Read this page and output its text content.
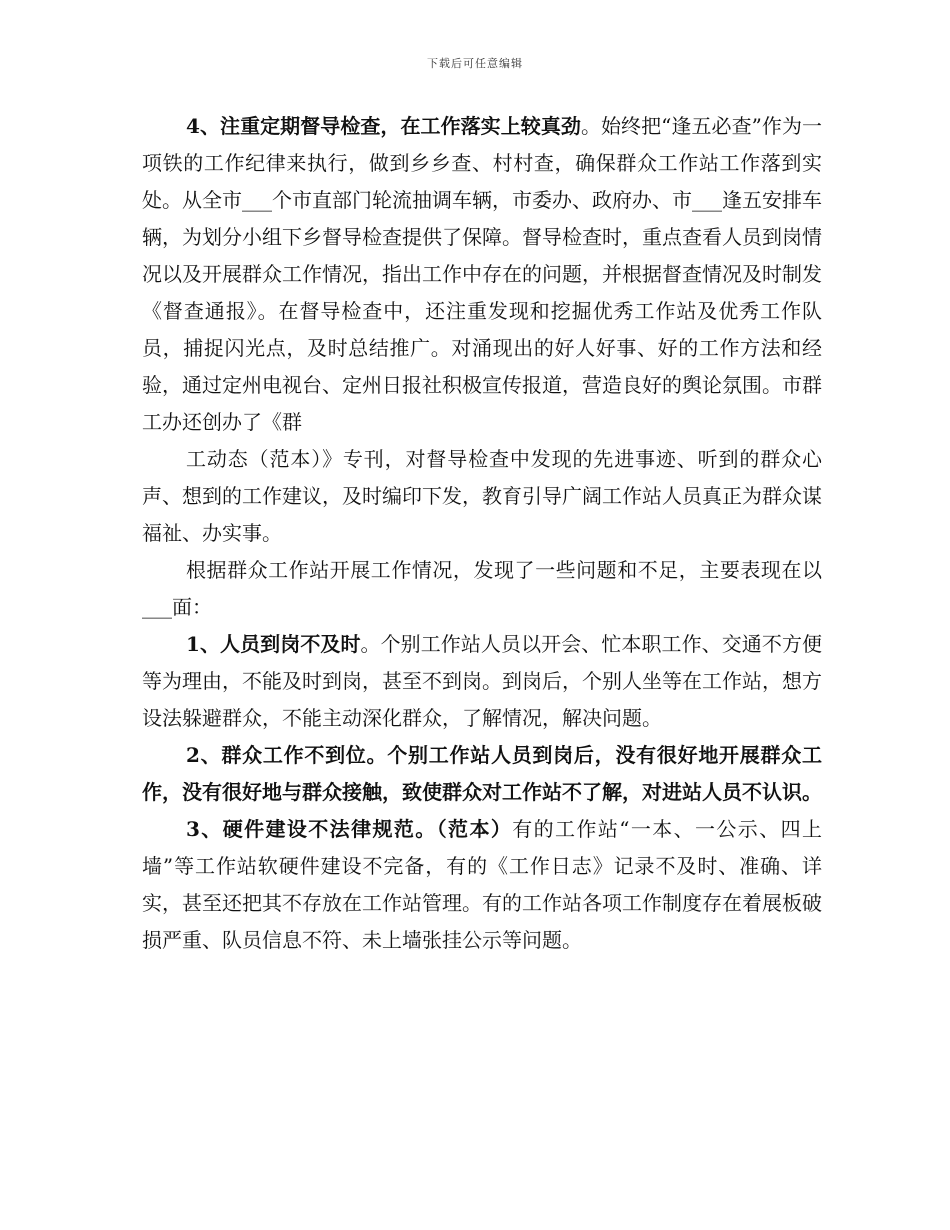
下载后可任意编辑

4、注重定期督导检查，在工作落实上较真劲。始终把“逢五必查”作为一项铁的工作纪律来执行，做到乡乡查、村村查，确保群众工作站工作落到实处。从全市___个市直部门轮流抽调车辆，市委办、政府办、市___逢五安排车辆，为划分小组下乡督导检查提供了保障。督导检查时，重点查看人员到岗情况以及开展群众工作情况，指出工作中存在的问题，并根据督查情况及时制发《督查通报》。在督导检查中，还注重发现和挖掘优秀工作站及优秀工作队员，捕捉闪光点，及时总结推广。对涌现出的好人好事、好的工作方法和经验，通过定州电视台、定州日报社积极宣传报道，营造良好的舆论氛围。市群工办还创办了《群

工动态（范本）》专刊，对督导检查中发现的先进事迹、听到的群众心声、想到的工作建议，及时编印下发，教育引导广阔工作站人员真正为群众谋福祉、办实事。

根据群众工作站开展工作情况，发现了一些问题和不足，主要表现在以___面：

1、人员到岗不及时。个别工作站人员以开会、忙本职工作、交通不方便等为理由，不能及时到岗，甚至不到岗。到岗后，个别人坐等在工作站，想方设法躲避群众，不能主动深化群众，了解情况，解决问题。

2、群众工作不到位。个别工作站人员到岗后，没有很好地开展群众工作，没有很好地与群众接触，致使群众对工作站不了解，对进站人员不认识。

3、硬件建设不法律规范。（范本）有的工作站“一本、一公示、四上墙”等工作站软硬件建设不完备，有的《工作日志》记录不及时、准确、详实，甚至还把其不存放在工作站管理。有的工作站各项工作制度存在着展板破损严重、队员信息不符、未上墙张挂公示等问题。
